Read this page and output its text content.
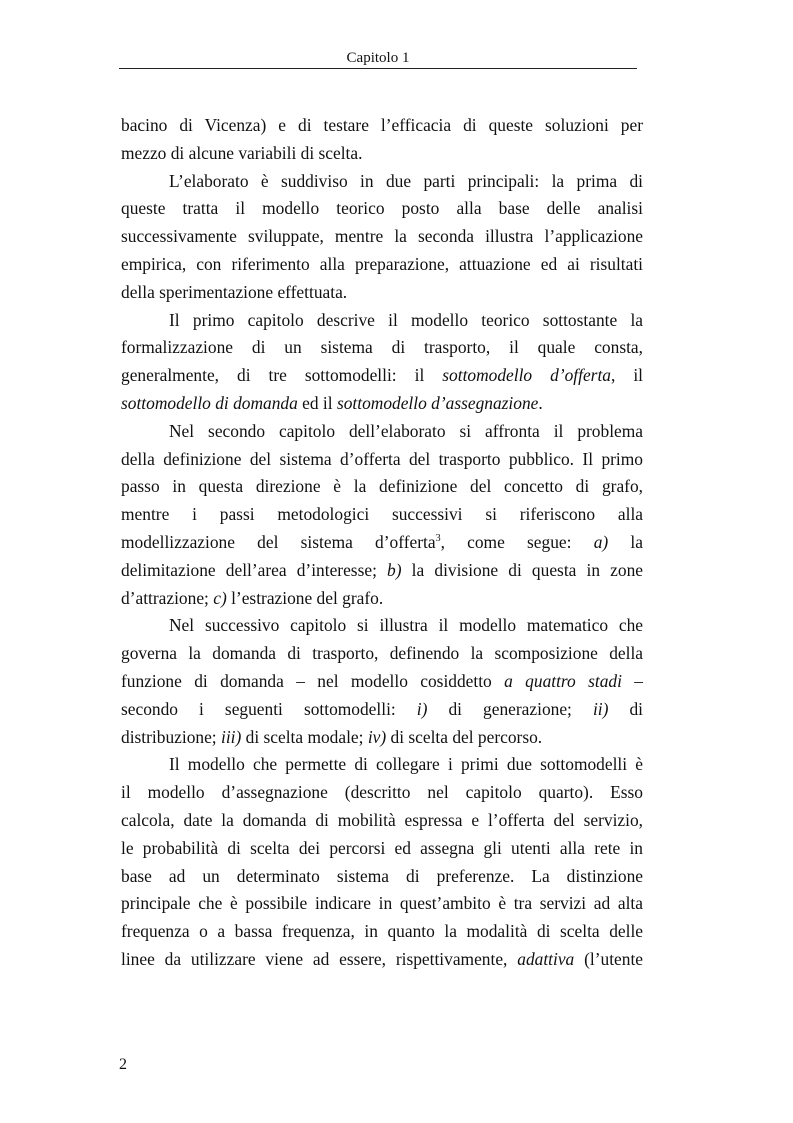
Capitolo 1

bacino di Vicenza) e di testare l’efficacia di queste soluzioni per
mezzo di alcune variabili di scelta.

L’elaborato è suddiviso in due parti principali: la prima di
queste tratta il modello teorico posto alla base delle analisi
successivamente sviluppate, mentre la seconda illustra l’applicazione
empirica, con riferimento alla preparazione, attuazione ed ai risultati
della sperimentazione effettuata.

Il primo capitolo descrive il modello teorico sottostante la
formalizzazione di un sistema di trasporto, il quale consta,
generalmente, di tre sottomodelli: il sottomodello d’offerta, il
sottomodello di domanda ed il sottomodello d’assegnazione.

Nel secondo capitolo dell’elaborato si affronta il problema
della definizione del sistema d’offerta del trasporto pubblico. Il primo
passo in questa direzione è la definizione del concetto di grafo,
mentre i passi metodologici successivi si riferiscono alla
modellizzazione del sistema d’offerta$^3$, come segue: a) la
delimitazione dell’area d’interesse; b) la divisione di questa in zone
d’attrazione; c) l’estrazione del grafo.

Nel successivo capitolo si illustra il modello matematico che
governa la domanda di trasporto, definendo la scomposizione della
funzione di domanda – nel modello cosiddetto a quattro stadi –
secondo i seguenti sottomodelli: i) di generazione; ii) di
distribuzione; iii) di scelta modale; iv) di scelta del percorso.

Il modello che permette di collegare i primi due sottomodelli è
il modello d’assegnazione (descritto nel capitolo quarto). Esso
calcola, date la domanda di mobilità espressa e l’offerta del servizio,
le probabilità di scelta dei percorsi ed assegna gli utenti alla rete in
base ad un determinato sistema di preferenze. La distinzione
principale che è possibile indicare in quest’ambito è tra servizi ad alta
frequenza o a bassa frequenza, in quanto la modalità di scelta delle
linee da utilizzare viene ad essere, rispettivamente, adattiva (l’utente

2
